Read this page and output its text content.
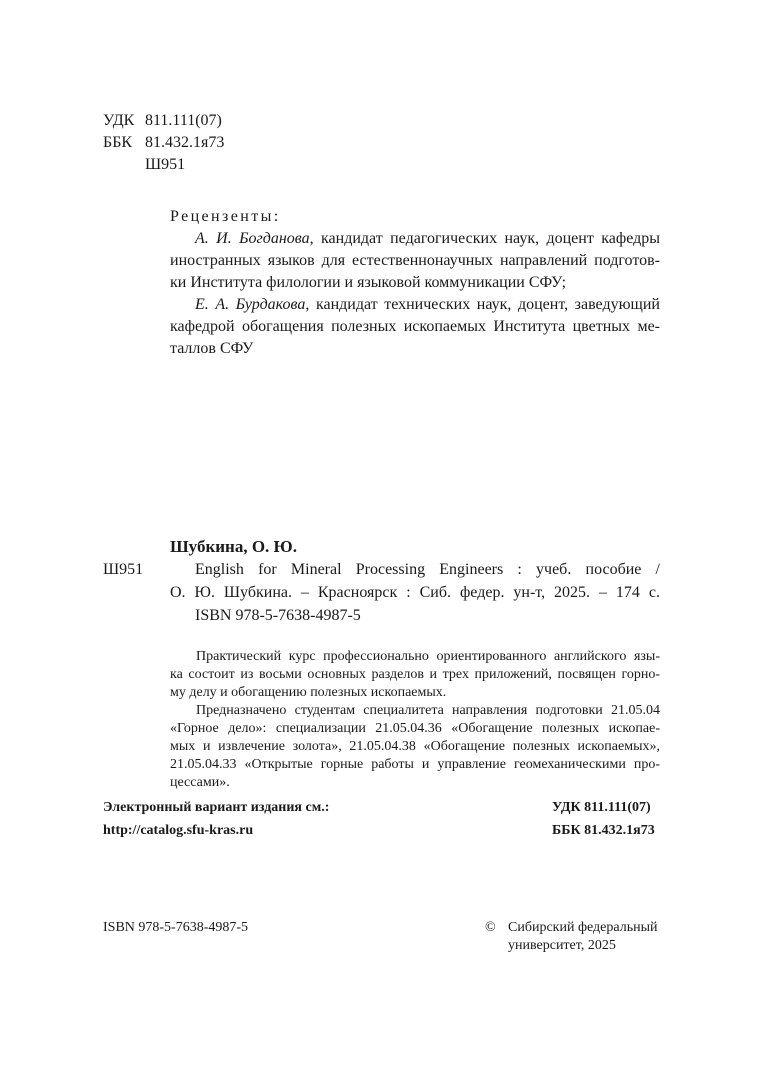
УДК 811.111(07)
ББК 81.432.1я73
Ш951
Рецензенты:
А. И. Богданова, кандидат педагогических наук, доцент кафедры
иностранных языков для естественнонаучных направлений подготов-
ки Института филологии и языковой коммуникации СФУ;
Е. А. Бурдакова, кандидат технических наук, доцент, заведующий
кафедрой обогащения полезных ископаемых Института цветных ме-
таллов СФУ
Шубкина, О. Ю.
Ш951	English for Mineral Processing Engineers : учеб. пособие /
О. Ю. Шубкина. – Красноярск : Сиб. федер. ун-т, 2025. – 174 с.
ISBN 978-5-7638-4987-5
Практический курс профессионально ориентированного английского язы-
ка состоит из восьми основных разделов и трех приложений, посвящен горно-
му делу и обогащению полезных ископаемых.
Предназначено студентам специалитета направления подготовки 21.05.04
«Горное дело»: специализации 21.05.04.36 «Обогащение полезных ископае-
мых и извлечение золота», 21.05.04.38 «Обогащение полезных ископаемых»,
21.05.04.33 «Открытые горные работы и управление геомеханическими про-
цессами».
Электронный вариант издания см.:	УДК 811.111(07)
http://catalog.sfu-kras.ru	ББК 81.432.1я73
ISBN 978-5-7638-4987-5	© Сибирский федеральный
университет, 2025
